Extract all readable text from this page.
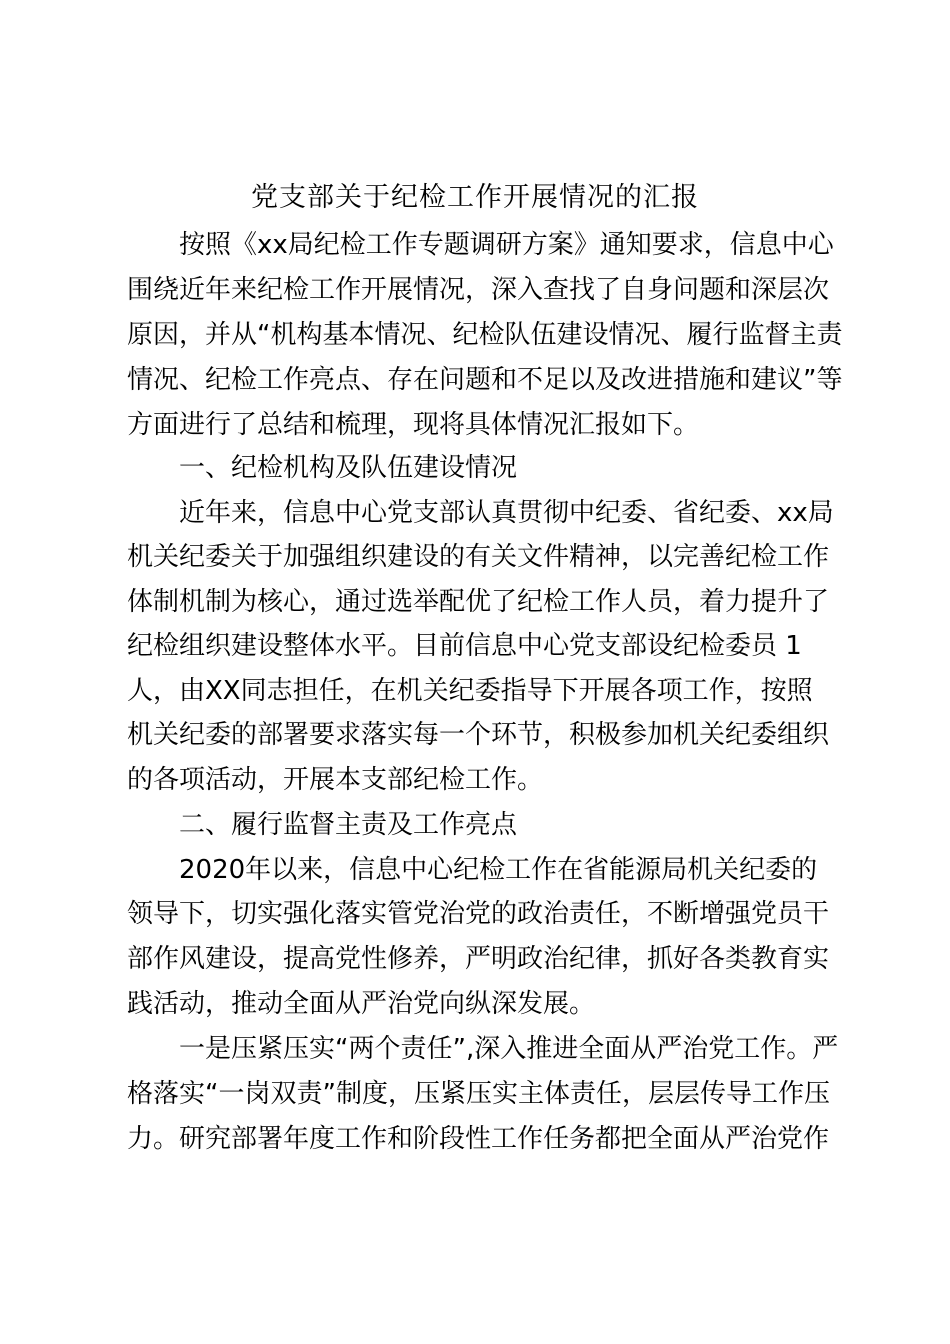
党支部关于纪检工作开展情况的汇报
按照《xx局纪检工作专题调研方案》通知要求，信息中心
围绕近年来纪检工作开展情况，深入查找了自身问题和深层次
原因，并从“机构基本情况、纪检队伍建设情况、履行监督主责
情况、纪检工作亮点、存在问题和不足以及改进措施和建议”等
方面进行了总结和梳理，现将具体情况汇报如下。
一、纪检机构及队伍建设情况
近年来，信息中心党支部认真贯彻中纪委、省纪委、xx局
机关纪委关于加强组织建设的有关文件精神，以完善纪检工作
体制机制为核心，通过选举配优了纪检工作人员，着力提升了
纪检组织建设整体水平。目前信息中心党支部设纪检委员 1
人，由XX同志担任，在机关纪委指导下开展各项工作，按照
机关纪委的部署要求落实每一个环节，积极参加机关纪委组织
的各项活动，开展本支部纪检工作。
二、履行监督主责及工作亮点
2020年以来，信息中心纪检工作在省能源局机关纪委的
领导下，切实强化落实管党治党的政治责任，不断增强党员干
部作风建设，提高党性修养，严明政治纪律，抓好各类教育实
践活动，推动全面从严治党向纵深发展。
一是压紧压实“两个责任”,深入推进全面从严治党工作。严
格落实“一岗双责”制度，压紧压实主体责任，层层传导工作压
力。研究部署年度工作和阶段性工作任务都把全面从严治党作
